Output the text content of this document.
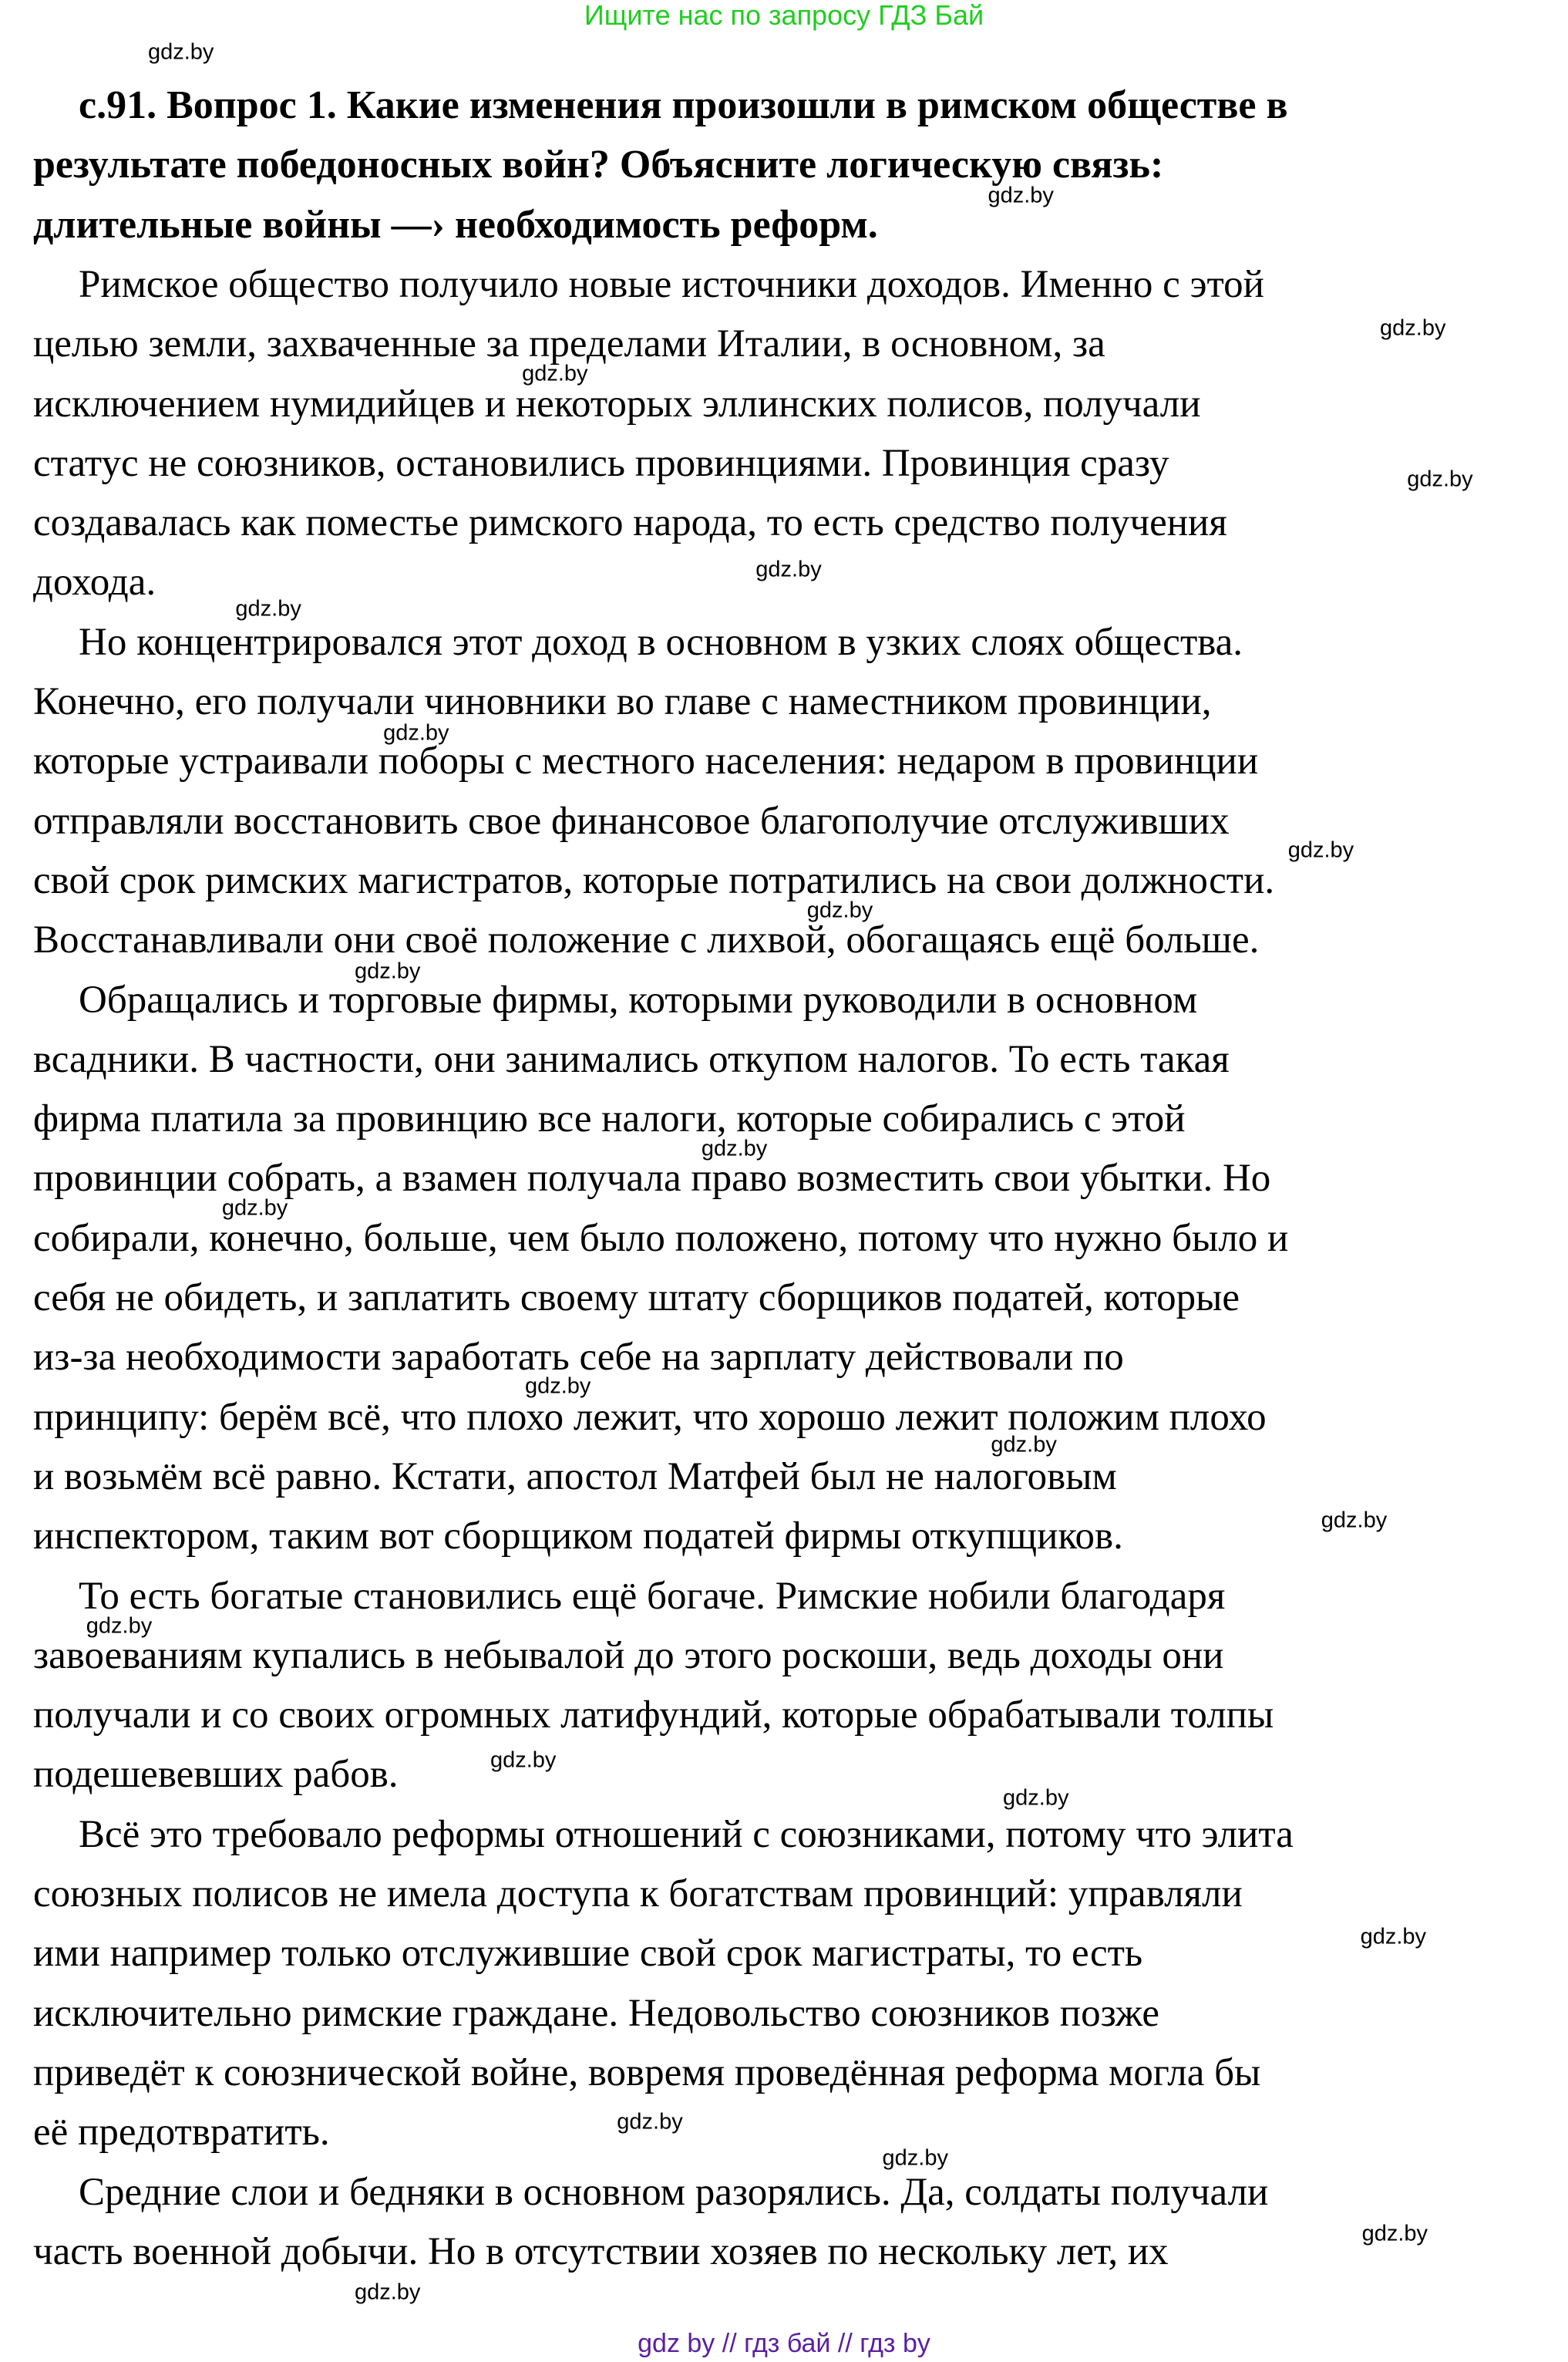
Ищите нас по запросу ГДЗ Бай
с.91. Вопрос 1. Какие изменения произошли в римском обществе в
результате победоносных войн? Объясните логическую связь:
длительные войны —› необходимость реформ.
Римское общество получило новые источники доходов. Именно с этой
целью земли, захваченные за пределами Италии, в основном, за
исключением нумидийцев и некоторых эллинских полисов, получали
статус не союзников, остановились провинциями. Провинция сразу
создавалась как поместье римского народа, то есть средство получения
дохода.
Но концентрировался этот доход в основном в узких слоях общества.
Конечно, его получали чиновники во главе с наместником провинции,
которые устраивали поборы с местного населения: недаром в провинции
отправляли восстановить свое финансовое благополучие отслуживших
свой срок римских магистратов, которые потратились на свои должности.
Восстанавливали они своё положение с лихвой, обогащаясь ещё больше.
Обращались и торговые фирмы, которыми руководили в основном
всадники. В частности, они занимались откупом налогов. То есть такая
фирма платила за провинцию все налоги, которые собирались с этой
провинции собрать, а взамен получала право возместить свои убытки. Но
собирали, конечно, больше, чем было положено, потому что нужно было и
себя не обидеть, и заплатить своему штату сборщиков податей, которые
из-за необходимости заработать себе на зарплату действовали по
принципу: берём всё, что плохо лежит, что хорошо лежит положим плохо
и возьмём всё равно. Кстати, апостол Матфей был не налоговым
инспектором, таким вот сборщиком податей фирмы откупщиков.
То есть богатые становились ещё богаче. Римские нобили благодаря
завоеваниям купались в небывалой до этого роскоши, ведь доходы они
получали и со своих огромных латифундий, которые обрабатывали толпы
подешевевших рабов.
Всё это требовало реформы отношений с союзниками, потому что элита
союзных полисов не имела доступа к богатствам провинций: управляли
ими например только отслужившие свой срок магистраты, то есть
исключительно римские граждане. Недовольство союзников позже
приведёт к союзнической войне, вовремя проведённая реформа могла бы
её предотвратить.
Средние слои и бедняки в основном разорялись. Да, солдаты получали
часть военной добычи. Но в отсутствии хозяев по нескольку лет, их
gdz.by
gdz.by
gdz.by
gdz.by
gdz.by
gdz.by
gdz.by
gdz.by
gdz.by
gdz.by
gdz.by
gdz.by
gdz.by
gdz.by
gdz.by
gdz.by
gdz.by
gdz.by
gdz.by
gdz.by
gdz.by
gdz.by
gdz.by
gdz.by
gdz by // гдз бай // гдз by
